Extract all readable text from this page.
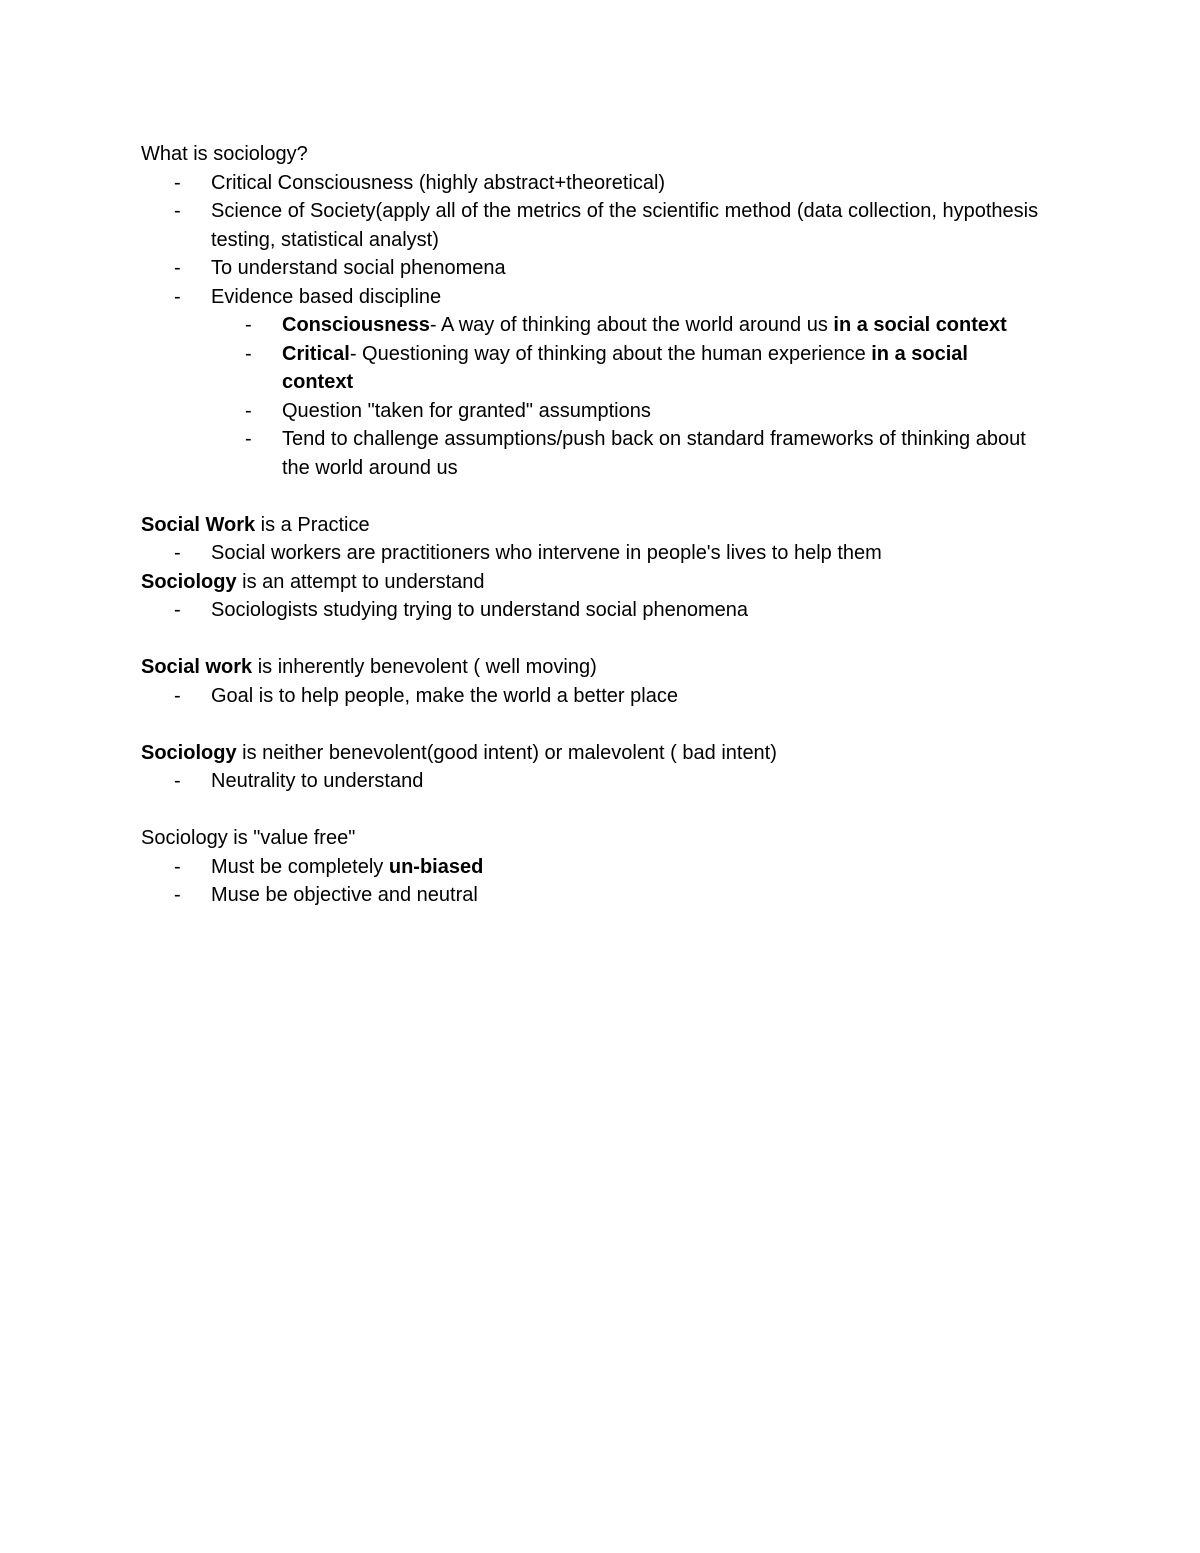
What is sociology?

- Critical Consciousness (highly abstract+theoretical)
- Science of Society(apply all of the metrics of the scientific method (data collection, hypothesis testing, statistical analyst)
- To understand social phenomena
- Evidence based discipline
- Consciousness- A way of thinking about the world around us in a social context
- Critical- Questioning way of thinking about the human experience in a social context
- Question "taken for granted" assumptions
- Tend to challenge assumptions/push back on standard frameworks of thinking about the world around us

Social Work is a Practice

- Social workers are practitioners who intervene in people's lives to help them

Sociology is an attempt to understand

- Sociologists studying trying to understand social phenomena

Social work is inherently benevolent ( well moving)

- Goal is to help people, make the world a better place

Sociology is neither benevolent(good intent) or malevolent ( bad intent)

- Neutrality to understand

Sociology is "value free"

- Must be completely un-biased
- Muse be objective and neutral
